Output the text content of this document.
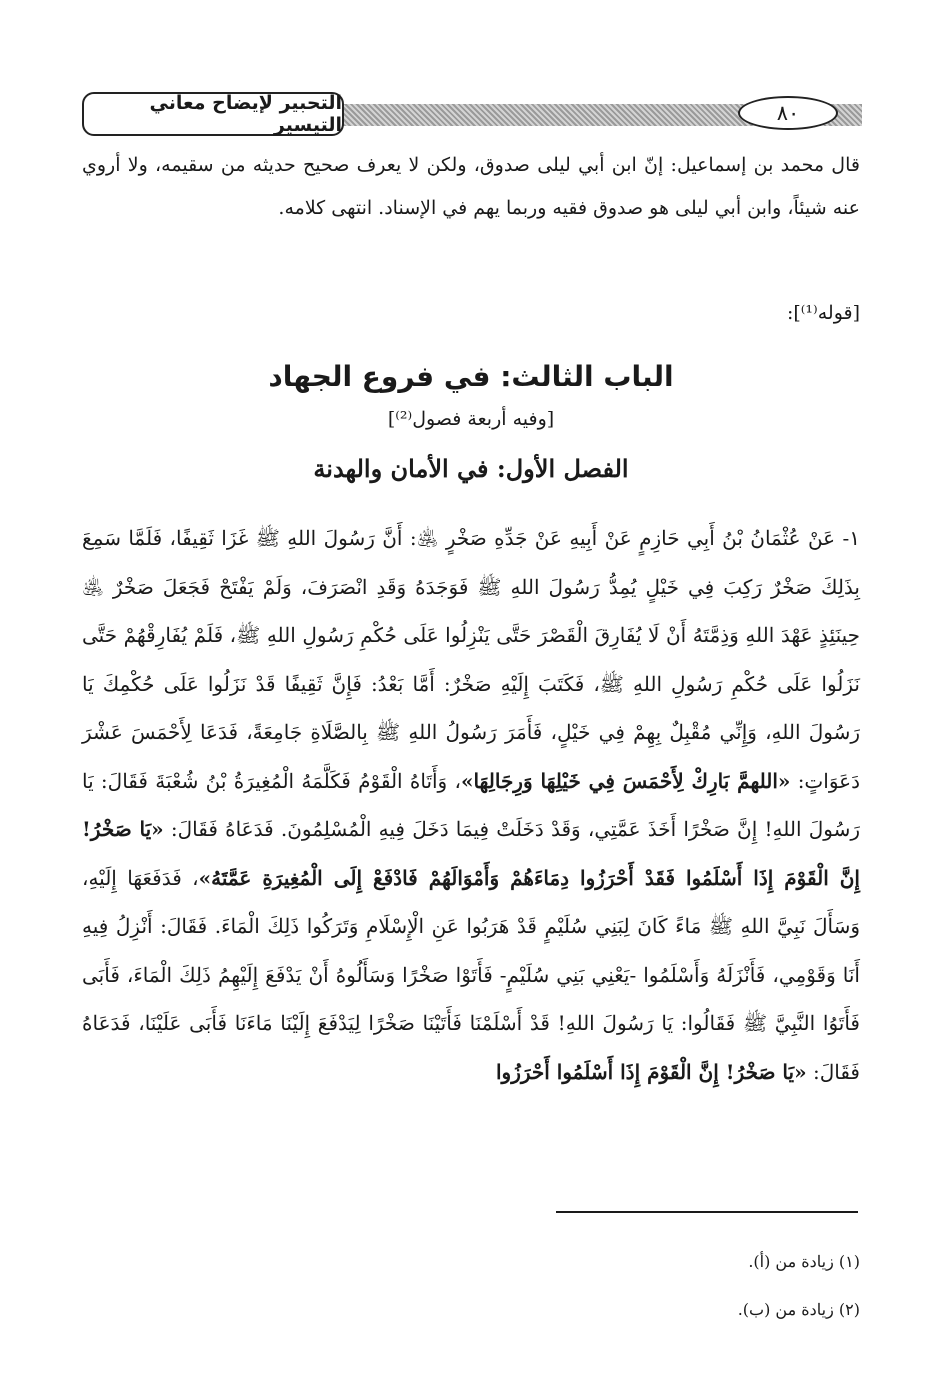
التحبير لإيضاح معاني التيسير	٨٠
قال محمد بن إسماعيل: إنّ ابن أبي ليلى صدوق، ولكن لا يعرف صحيح حديثه من سقيمه، ولا أروي عنه شيئاً، وابن أبي ليلى هو صدوق فقيه وربما يهم في الإسناد. انتهى كلامه.
[قوله⁽¹⁾]:
الباب الثالث: في فروع الجهاد
[وفيه أربعة فصول⁽²⁾]
الفصل الأول: في الأمان والهدنة
١- عَنْ عُثْمَانُ بْنُ أَبِي حَازِمٍ عَنْ أَبِيهِ عَنْ جَدِّهِ صَخْرٍ ﵁: أَنَّ رَسُولَ اللهِ ﷺ غَزَا ثَقِيفًا، فَلَمَّا سَمِعَ بِذَلِكَ صَخْرٌ رَكِبَ فِي خَيْلٍ يُمِدُّ رَسُولَ اللهِ ﷺ فَوَجَدَهُ وَقَدِ انْصَرَفَ، وَلَمْ يَفْتَحْ فَجَعَلَ صَخْرٌ ﵁ حِينَئِذٍ عَهْدَ اللهِ وَذِمَّتَهُ أَنْ لَا يُفَارِقَ الْقَصْرَ حَتَّى يَنْزِلُوا عَلَى حُكْمِ رَسُولِ اللهِ ﷺ، فَلَمْ يُفَارِقْهُمْ حَتَّى نَزَلُوا عَلَى حُكْمِ رَسُولِ اللهِ ﷺ، فَكَتَبَ إِلَيْهِ صَخْرٌ: أَمَّا بَعْدُ: فَإِنَّ ثَقِيفًا قَدْ نَزَلُوا عَلَى حُكْمِكَ يَا رَسُولَ اللهِ، وَإِنِّي مُقْبِلٌ بِهِمْ فِي خَيْلٍ، فَأَمَرَ رَسُولُ اللهِ ﷺ بِالصَّلَاةِ جَامِعَةً، فَدَعَا لِأَحْمَسَ عَشْرَ دَعَوَاتٍ: «اللهمَّ بَارِكْ لِأَحْمَسَ فِي خَيْلِهَا وَرِجَالِهَا»، وَأَتَاهُ الْقَوْمُ فَكَلَّمَهُ الْمُغِيرَةُ بْنُ شُعْبَةَ فَقَالَ: يَا رَسُولَ اللهِ! إِنَّ صَخْرًا أَخَذَ عَمَّتِي، وَقَدْ دَخَلَتْ فِيمَا دَخَلَ فِيهِ الْمُسْلِمُونَ. فَدَعَاهُ فَقَالَ: «يَا صَخْرُ! إِنَّ الْقَوْمَ إِذَا أَسْلَمُوا فَقَدْ أَحْرَزُوا دِمَاءَهُمْ وَأَمْوَالَهُمْ فَادْفَعْ إِلَى الْمُغِيرَةِ عَمَّتَهُ»، فَدَفَعَهَا إِلَيْهِ، وَسَأَلَ نَبِيَّ اللهِ ﷺ مَاءً كَانَ لِبَنِي سُلَيْمٍ قَدْ هَرَبُوا عَنِ الْإِسْلَامِ وَتَرَكُوا ذَلِكَ الْمَاءَ. فَقَالَ: أَنْزِلُ فِيهِ أَنَا وَقَوْمِي، فَأَنْزَلَهُ وَأَسْلَمُوا -يَعْنِي بَنِي سُلَيْمٍ- فَأَتَوْا صَخْرًا وَسَأَلُوهُ أَنْ يَدْفَعَ إِلَيْهِمُ ذَلِكَ الْمَاءَ، فَأَبَى فَأَتَوُا النَّبِيَّ ﷺ فَقَالُوا: يَا رَسُولَ اللهِ! قَدْ أَسْلَمْنَا فَأَتَيْنَا صَخْرًا لِيَدْفَعَ إِلَيْنَا مَاءَنَا فَأَبَى عَلَيْنَا، فَدَعَاهُ فَقَالَ: «يَا صَخْرُ! إِنَّ الْقَوْمَ إِذَا أَسْلَمُوا أَحْرَزُوا
(١) زيادة من (أ).
(٢) زيادة من (ب).
